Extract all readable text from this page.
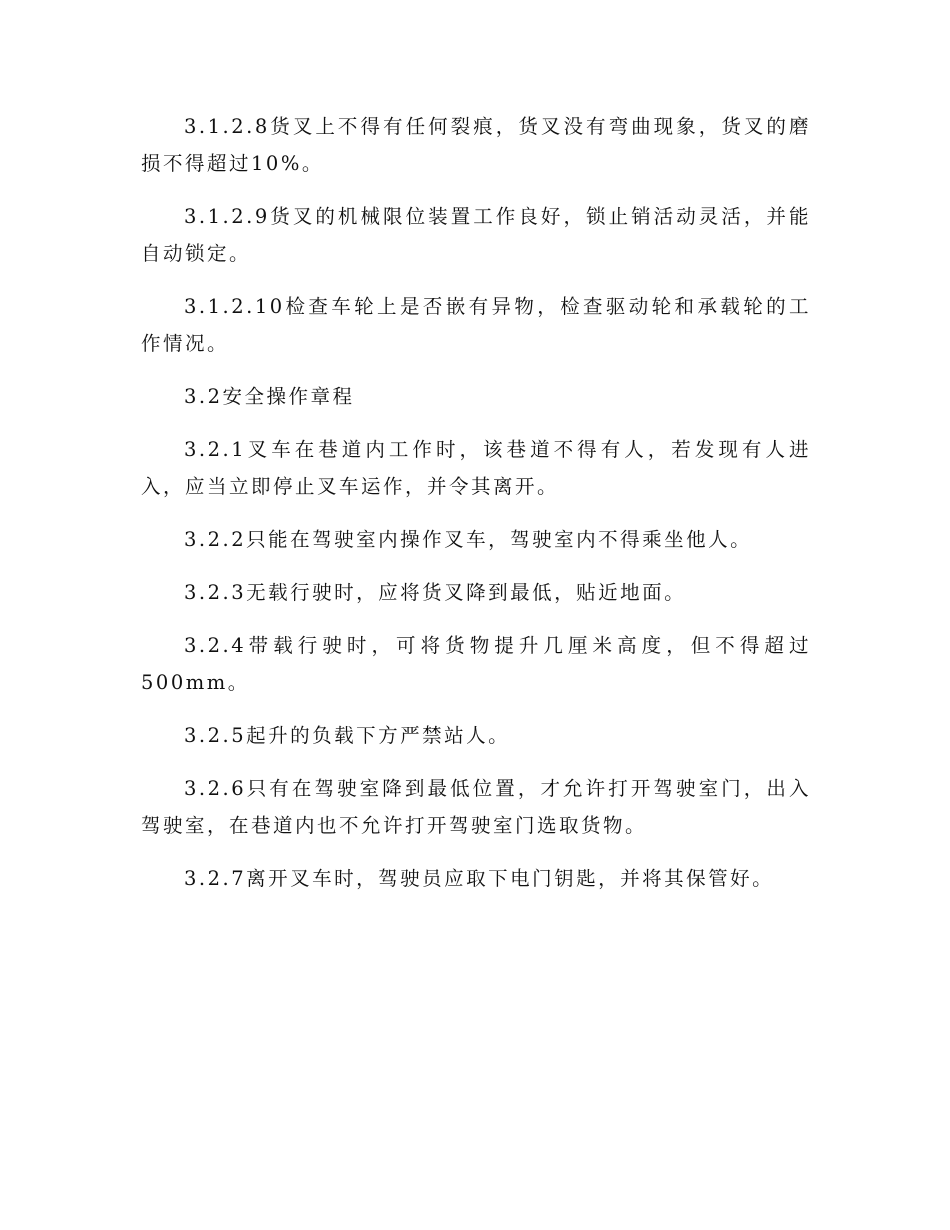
3.1.2.8货叉上不得有任何裂痕，货叉没有弯曲现象，货叉的磨损不得超过10%。

3.1.2.9货叉的机械限位装置工作良好，锁止销活动灵活，并能自动锁定。

3.1.2.10检查车轮上是否嵌有异物，检查驱动轮和承载轮的工作情况。

3.2安全操作章程

3.2.1叉车在巷道内工作时，该巷道不得有人，若发现有人进入，应当立即停止叉车运作，并令其离开。

3.2.2只能在驾驶室内操作叉车，驾驶室内不得乘坐他人。

3.2.3无载行驶时，应将货叉降到最低，贴近地面。

3.2.4带载行驶时，可将货物提升几厘米高度，但不得超过500mm。

3.2.5起升的负载下方严禁站人。

3.2.6只有在驾驶室降到最低位置，才允许打开驾驶室门，出入驾驶室，在巷道内也不允许打开驾驶室门选取货物。

3.2.7离开叉车时，驾驶员应取下电门钥匙，并将其保管好。
